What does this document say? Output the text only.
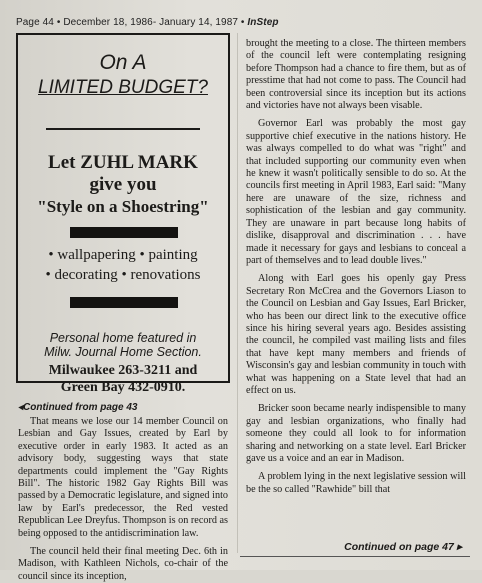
Page 44 • December 18, 1986- January 14, 1987 • InStep
On A
LIMITED BUDGET?
Let ZUHL MARK
give you
"Style on a Shoestring"
• wallpapering • painting
• decorating • renovations
Personal home featured in
Milw. Journal Home Section.
Milwaukee 263-3211 and
Green Bay 432-0910.
◂Continued from page 43

That means we lose our 14 member Council on Lesbian and Gay Issues, created by Earl by executive order in early 1983. It acted as an advisory body, suggesting ways that state departments could implement the "Gay Rights Bill". The historic 1982 Gay Rights Bill was passed by a Democratic legislature, and signed into law by Earl's predecessor, the Red vested Republican Lee Dreyfus. Thompson is on record as being opposed to the antidiscrimination law.

The council held their final meeting Dec. 6th in Madison, with Kathleen Nichols, co-chair of the council since its inception,

brought the meeting to a close. The thirteen members of the council left were contemplating resigning before Thompson had a chance to fire them, but as of presstime that had not come to pass. The Council had been controversial since its inception but its actions and victories have not always been visable.

Governor Earl was probably the most gay supportive chief executive in the nations history. He was always compelled to do what was "right" and that included supporting our community even when he knew it wasn't politically sensible to do so. At the councils first meeting in April 1983, Earl said: "Many here are unaware of the size, richness and sophistication of the lesbian and gay community. They are unaware in part because long habits of dislike, disapproval and discrimination . . . have made it necessary for gays and lesbians to conceal a part of themselves and to lead double lives."

Along with Earl goes his openly gay Press Secretary Ron McCrea and the Governors Liason to the Council on Lesbian and Gay Issues, Earl Bricker, who has been our direct link to the executive office since his hiring several years ago. Besides assisting the council, he compiled vast mailing lists and files that have kept many members and friends of Wisconsin's gay and lesbian community in touch with what was happening on a State level that had an effect on us.

Bricker soon became nearly indispensible to many gay and lesbian organizations, who finally had someone they could all look to for information sharing and networking on a state level. Earl Bricker gave us a voice and an ear in Madison.

A problem lying in the next legislative session will be the so called "Rawhide" bill that

Continued on page 47 ▸
